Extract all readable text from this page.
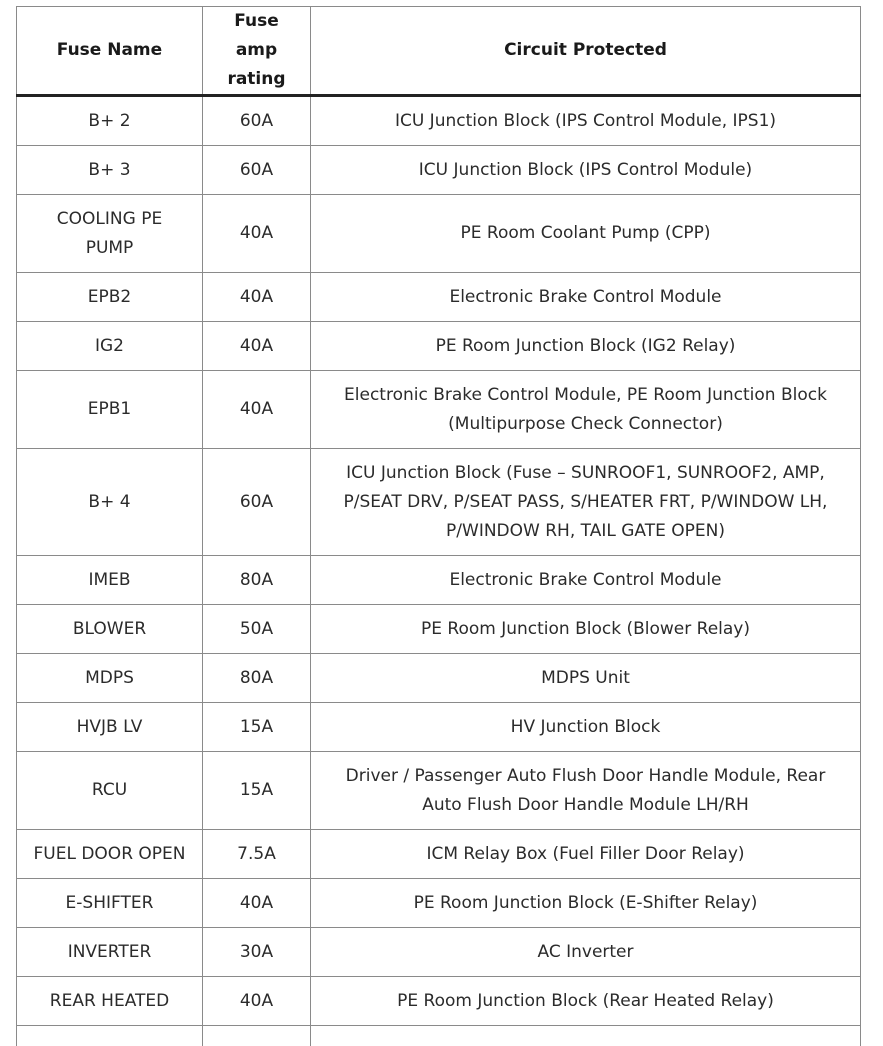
Fuse Name	Fuse amp rating	Circuit Protected
B+ 2	60A	ICU Junction Block (IPS Control Module, IPS1)
B+ 3	60A	ICU Junction Block (IPS Control Module)
COOLING PE PUMP	40A	PE Room Coolant Pump (CPP)
EPB2	40A	Electronic Brake Control Module
IG2	40A	PE Room Junction Block (IG2 Relay)
EPB1	40A	Electronic Brake Control Module, PE Room Junction Block (Multipurpose Check Connector)
B+ 4	60A	ICU Junction Block (Fuse – SUNROOF1, SUNROOF2, AMP, P/SEAT DRV, P/SEAT PASS, S/HEATER FRT, P/WINDOW LH, P/WINDOW RH, TAIL GATE OPEN)
IMEB	80A	Electronic Brake Control Module
BLOWER	50A	PE Room Junction Block (Blower Relay)
MDPS	80A	MDPS Unit
HVJB LV	15A	HV Junction Block
RCU	15A	Driver / Passenger Auto Flush Door Handle Module, Rear Auto Flush Door Handle Module LH/RH
FUEL DOOR OPEN	7.5A	ICM Relay Box (Fuel Filler Door Relay)
E-SHIFTER	40A	PE Room Junction Block (E-Shifter Relay)
INVERTER	30A	AC Inverter
REAR HEATED	40A	PE Room Junction Block (Rear Heated Relay)
